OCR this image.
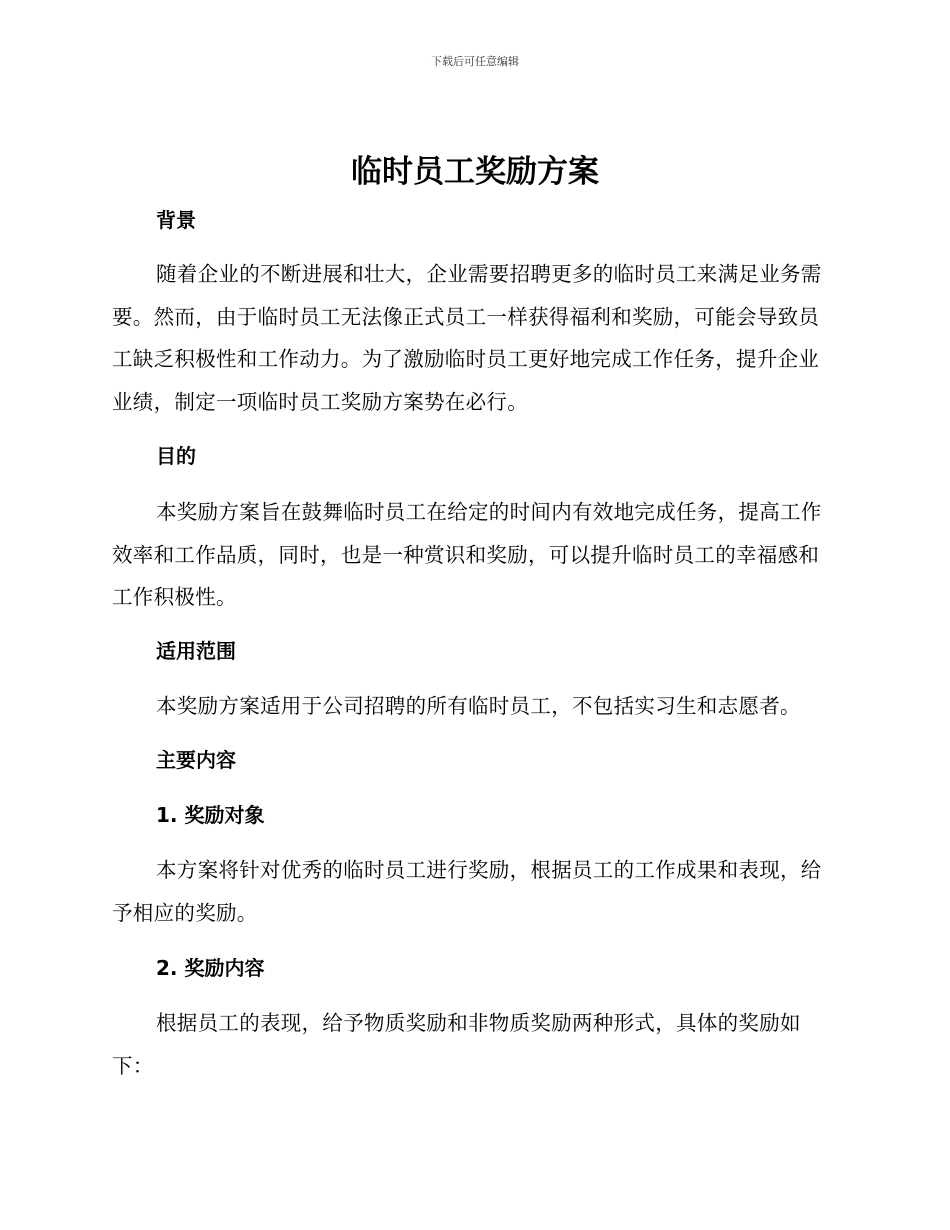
下载后可任意编辑
临时员工奖励方案
背景

随着企业的不断进展和壮大，企业需要招聘更多的临时员工来满足业务需要。然而，由于临时员工无法像正式员工一样获得福利和奖励，可能会导致员工缺乏积极性和工作动力。为了激励临时员工更好地完成工作任务，提升企业业绩，制定一项临时员工奖励方案势在必行。

目的

本奖励方案旨在鼓舞临时员工在给定的时间内有效地完成任务，提高工作效率和工作品质，同时，也是一种赏识和奖励，可以提升临时员工的幸福感和工作积极性。

适用范围

本奖励方案适用于公司招聘的所有临时员工，不包括实习生和志愿者。

主要内容
1. 奖励对象

本方案将针对优秀的临时员工进行奖励，根据员工的工作成果和表现，给予相应的奖励。

2. 奖励内容

根据员工的表现，给予物质奖励和非物质奖励两种形式，具体的奖励如下：
